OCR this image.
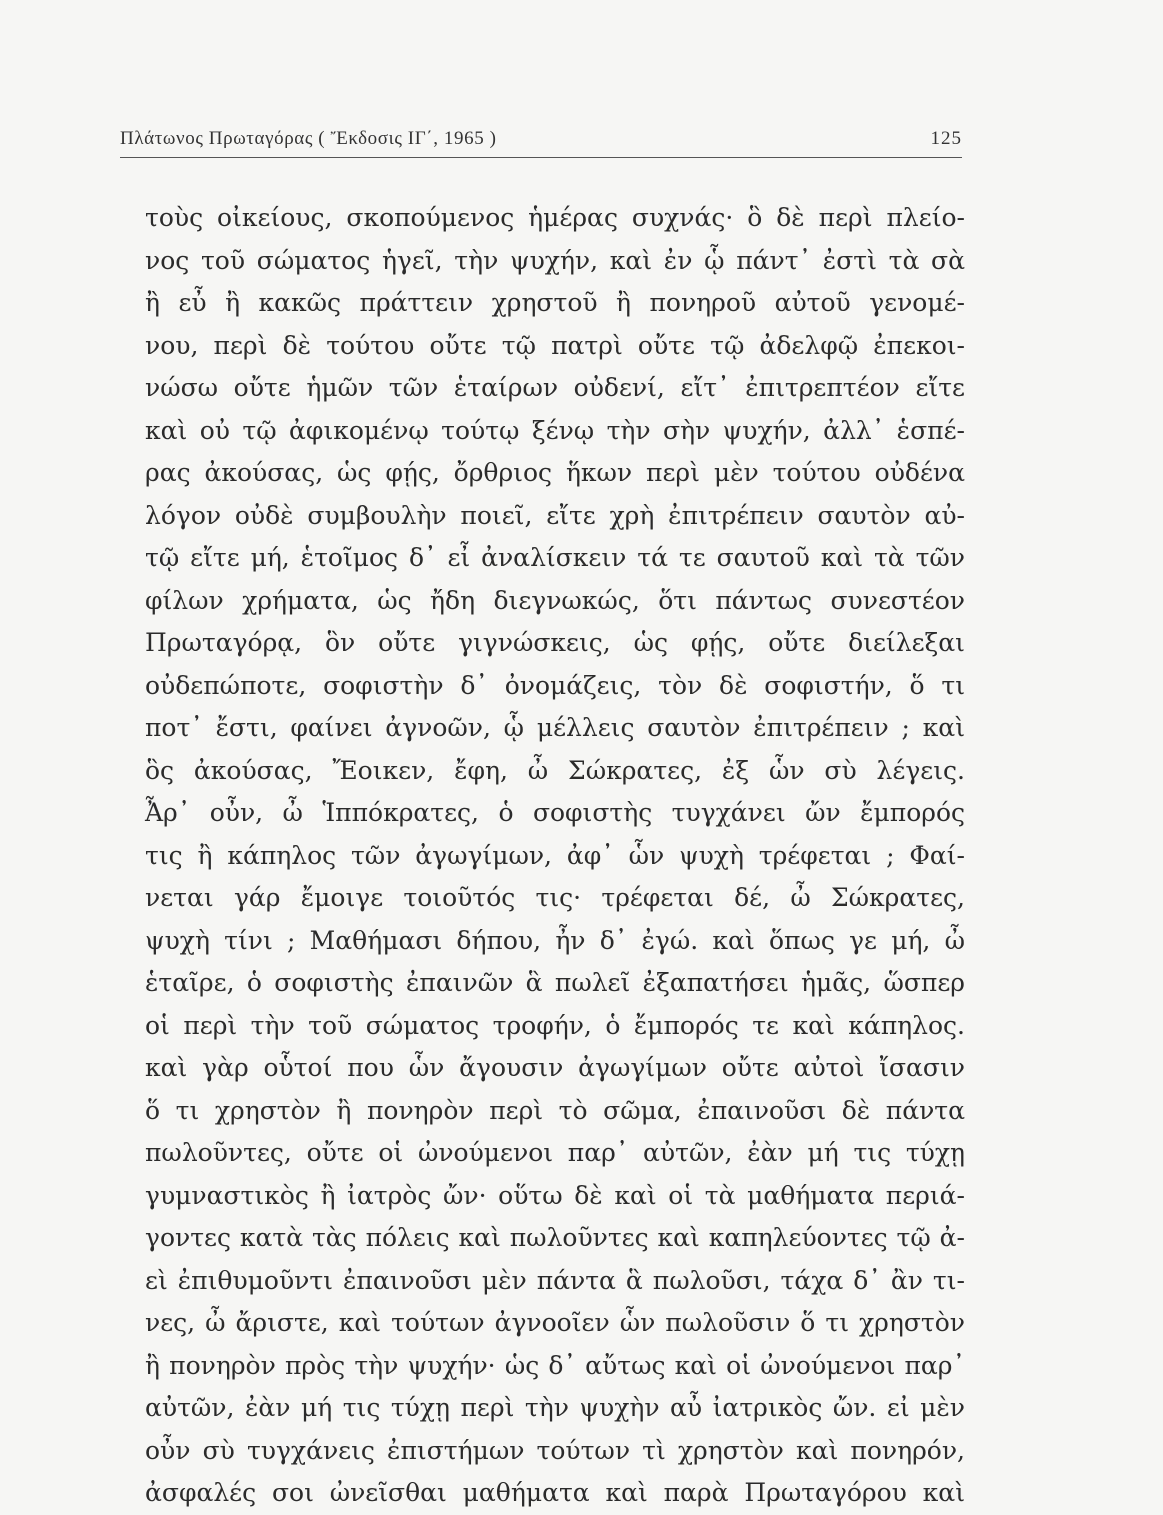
Πλάτωνος Πρωταγόρας ( Ἔκδοσις ΙΓ΄, 1965 )	125
τοὺς οἰκείους, σκοπούμενος ἡμέρας συχνάς· ὃ δὲ περὶ πλείο-
νος τοῦ σώματος ἡγεῖ, τὴν ψυχήν, καὶ ἐν ᾧ πάντ᾽ ἐστὶ τὰ σὰ
ἢ εὖ ἢ κακῶς πράττειν χρηστοῦ ἢ πονηροῦ αὐτοῦ γενομέ-
νου, περὶ δὲ τούτου οὔτε τῷ πατρὶ οὔτε τῷ ἀδελφῷ ἐπεκοι-
νώσω οὔτε ἡμῶν τῶν ἑταίρων οὐδενί, εἴτ᾽ ἐπιτρεπτέον εἴτε
καὶ οὐ τῷ ἀφικομένῳ τούτῳ ξένῳ τὴν σὴν ψυχήν, ἀλλ᾽ ἑσπέ-
ρας ἀκούσας, ὡς φῄς, ὄρθριος ἥκων περὶ μὲν τούτου οὐδένα
λόγον οὐδὲ συμβουλὴν ποιεῖ, εἴτε χρὴ ἐπιτρέπειν σαυτὸν αὐ-
τῷ εἴτε μή, ἑτοῖμος δ᾽ εἶ ἀναλίσκειν τά τε σαυτοῦ καὶ τὰ τῶν
φίλων χρήματα, ὡς ἤδη διεγνωκώς, ὅτι πάντως συνεστέον
Πρωταγόρᾳ, ὃν οὔτε γιγνώσκεις, ὡς φῄς, οὔτε διείλεξαι
οὐδεπώποτε, σοφιστὴν δ᾽ ὀνομάζεις, τὸν δὲ σοφιστήν, ὅ τι
ποτ᾽ ἔστι, φαίνει ἀγνοῶν, ᾧ μέλλεις σαυτὸν ἐπιτρέπειν ; καὶ
ὃς ἀκούσας, Ἔοικεν, ἔφη, ὦ Σώκρατες, ἐξ ὧν σὺ λέγεις.
Ἆρ᾽ οὖν, ὦ Ἱππόκρατες, ὁ σοφιστὴς τυγχάνει ὤν ἔμπορός
τις ἢ κάπηλος τῶν ἀγωγίμων, ἀφ᾽ ὧν ψυχὴ τρέφεται ; Φαί-
νεται γάρ ἔμοιγε τοιοῦτός τις· τρέφεται δέ, ὦ Σώκρατες,
ψυχὴ τίνι ; Μαθήμασι δήπου, ἦν δ᾽ ἐγώ. καὶ ὅπως γε μή, ὦ
ἑταῖρε, ὁ σοφιστὴς ἐπαινῶν ἃ πωλεῖ ἐξαπατήσει ἡμᾶς, ὥσπερ
οἱ περὶ τὴν τοῦ σώματος τροφήν, ὁ ἔμπορός τε καὶ κάπηλος.
καὶ γὰρ οὗτοί που ὧν ἄγουσιν ἀγωγίμων οὔτε αὐτοὶ ἴσασιν
ὅ τι χρηστὸν ἢ πονηρὸν περὶ τὸ σῶμα, ἐπαινοῦσι δὲ πάντα
πωλοῦντες, οὔτε οἱ ὠνούμενοι παρ᾽ αὐτῶν, ἐὰν μή τις τύχῃ
γυμναστικὸς ἢ ἰατρὸς ὤν· οὕτω δὲ καὶ οἱ τὰ μαθήματα περιά-
γοντες κατὰ τὰς πόλεις καὶ πωλοῦντες καὶ καπηλεύοντες τῷ ἀ-
εὶ ἐπιθυμοῦντι ἐπαινοῦσι μὲν πάντα ἃ πωλοῦσι, τάχα δ᾽ ἂν τι-
νες, ὦ ἄριστε, καὶ τούτων ἀγνοοῖεν ὧν πωλοῦσιν ὅ τι χρηστὸν
ἢ πονηρὸν πρὸς τὴν ψυχήν· ὡς δ᾽ αὔτως καὶ οἱ ὠνούμενοι παρ᾽
αὐτῶν, ἐὰν μή τις τύχῃ περὶ τὴν ψυχὴν αὖ ἰατρικὸς ὤν. εἰ μὲν
οὖν σὺ τυγχάνεις ἐπιστήμων τούτων τὶ χρηστὸν καὶ πονηρόν,
ἀσφαλές σοι ὠνεῖσθαι μαθήματα καὶ παρὰ Πρωταγόρου καὶ
